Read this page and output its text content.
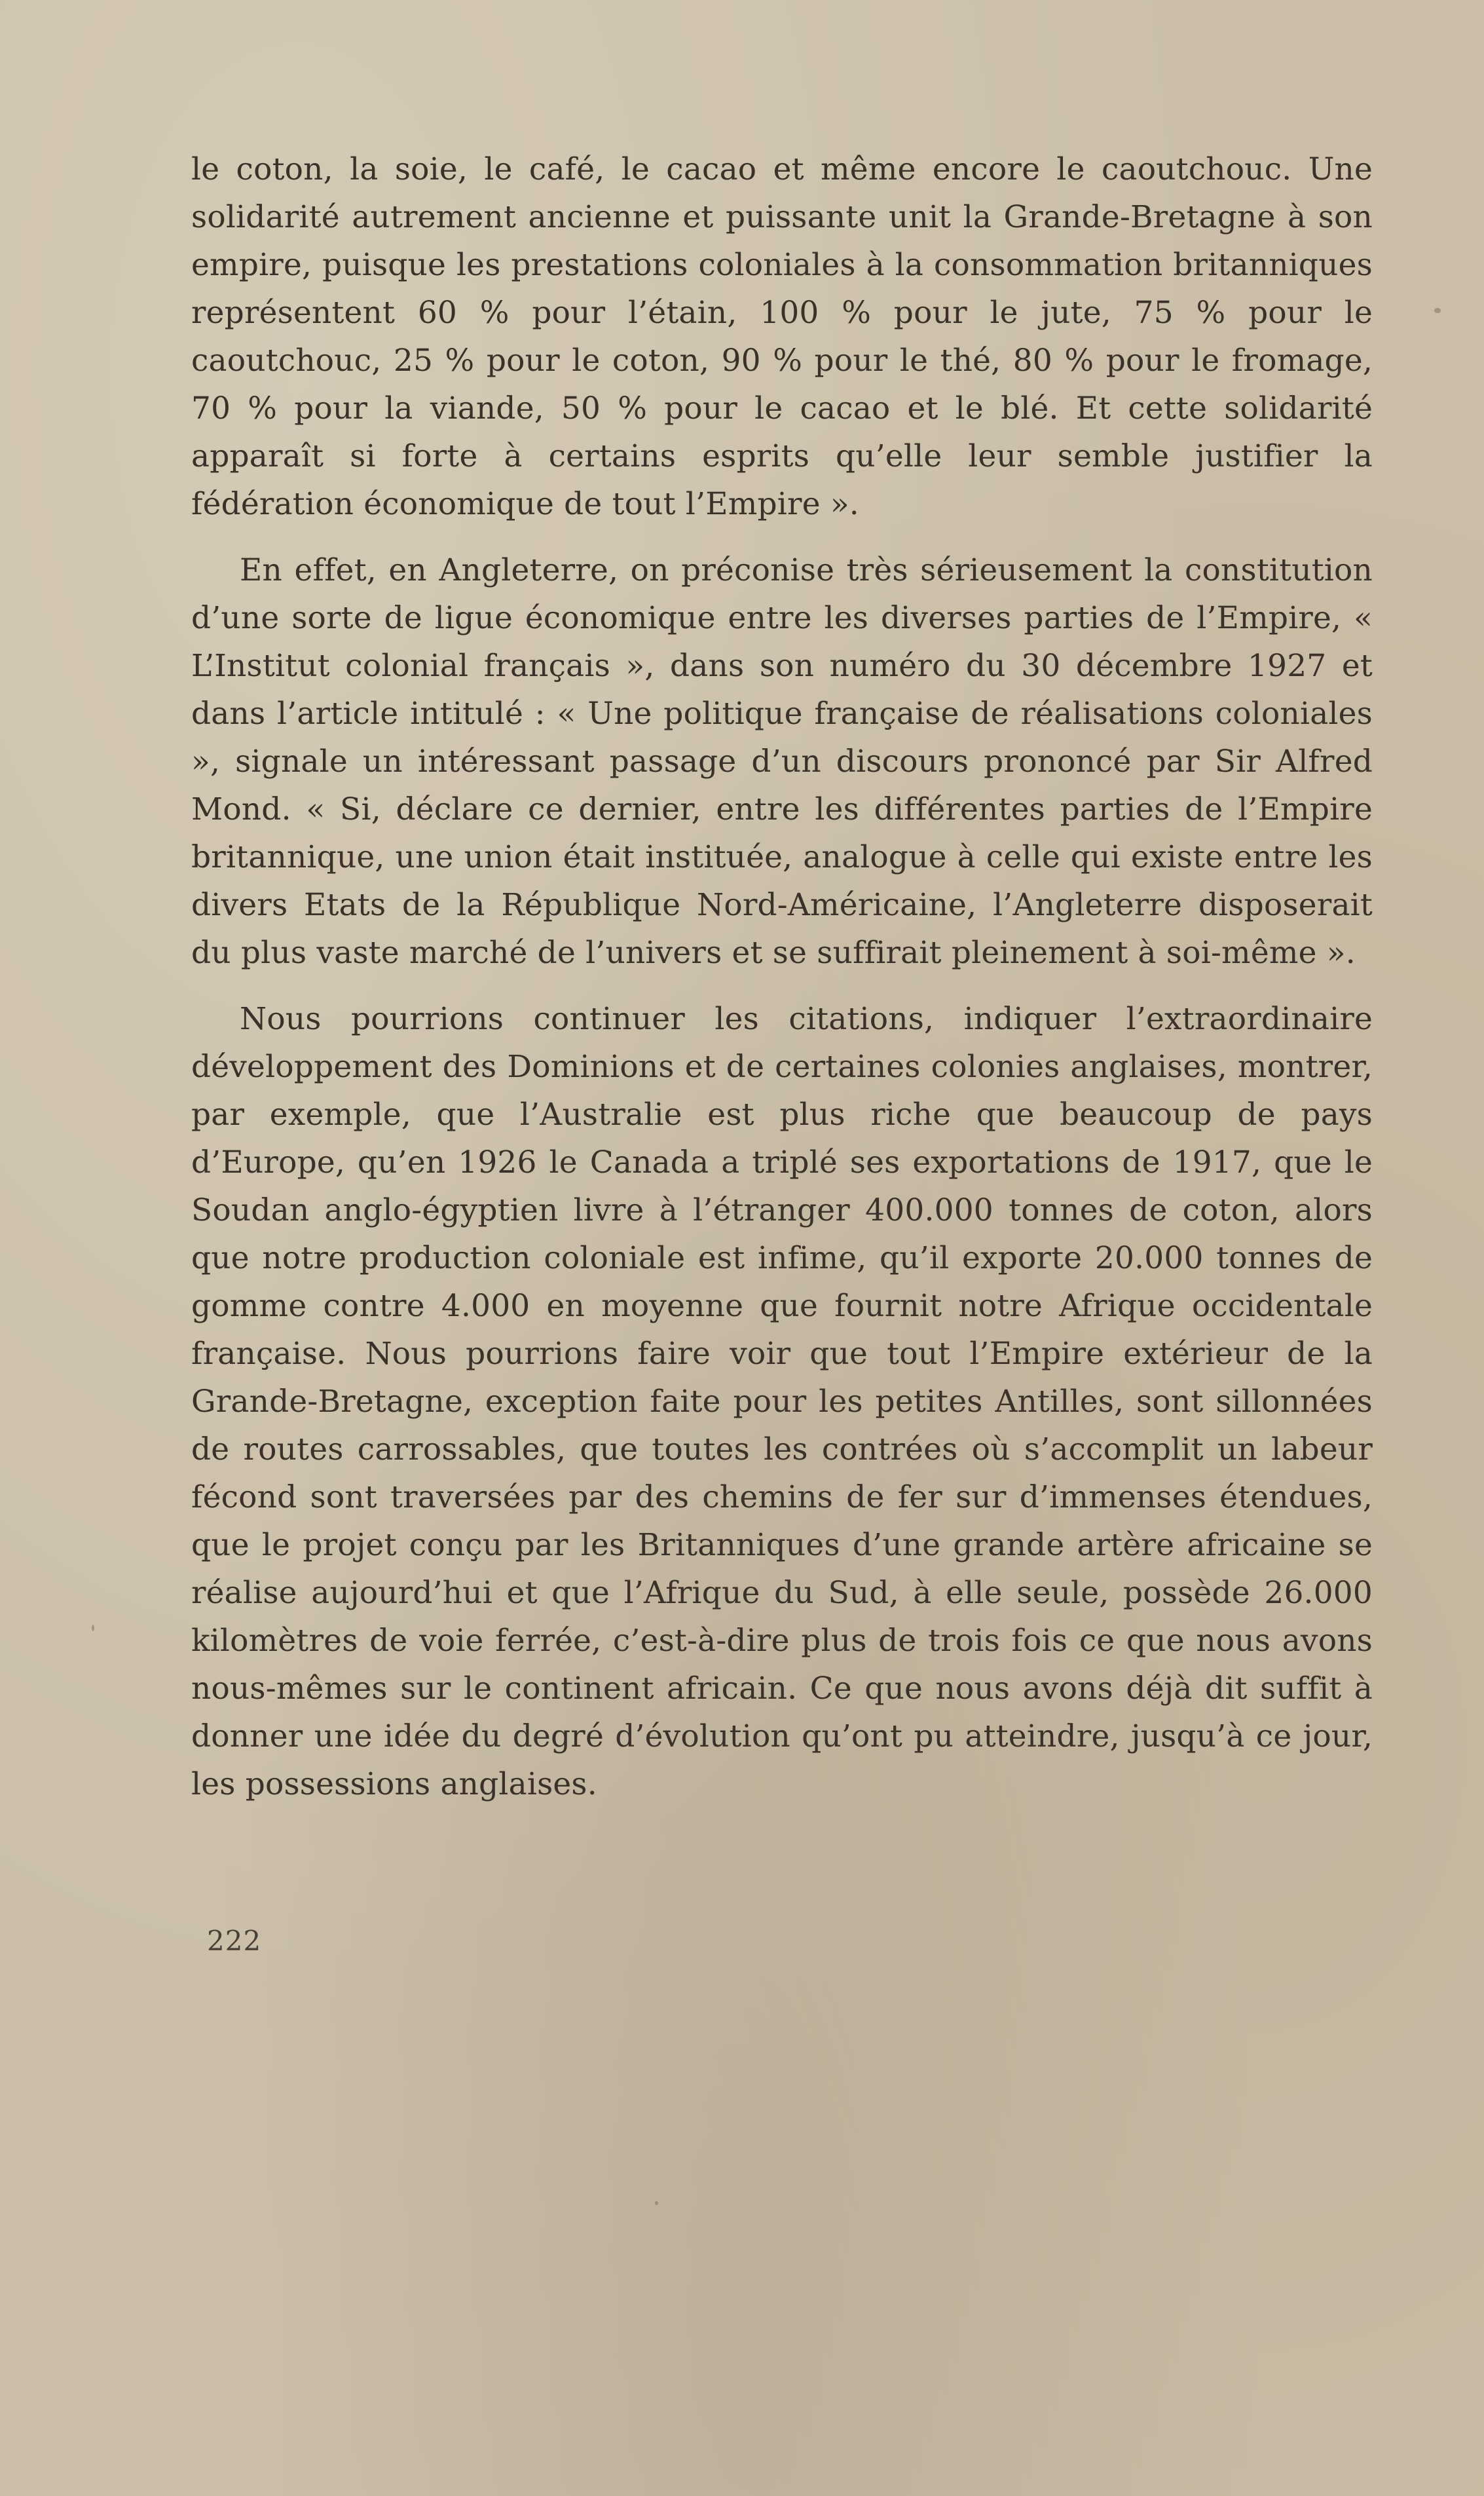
le coton, la soie, le café, le cacao et même encore le caoutchouc. Une solidarité autrement ancienne et puissante unit la Grande-Bretagne à son empire, puisque les prestations coloniales à la consommation britanniques représentent 60 % pour l’étain, 100 % pour le jute, 75 % pour le caoutchouc, 25 % pour le coton, 90 % pour le thé, 80 % pour le fromage, 70 % pour la viande, 50 % pour le cacao et le blé. Et cette solidarité apparaît si forte à certains esprits qu’elle leur semble justifier la fédération économique de tout l’Empire ».

En effet, en Angleterre, on préconise très sérieusement la constitution d’une sorte de ligue économique entre les diverses parties de l’Empire, « L’Institut colonial français », dans son numéro du 30 décembre 1927 et dans l’article intitulé : « Une politique française de réalisations coloniales », signale un intéressant passage d’un discours prononcé par Sir Alfred Mond. « Si, déclare ce dernier, entre les différentes parties de l’Empire britannique, une union était instituée, analogue à celle qui existe entre les divers Etats de la République Nord-Américaine, l’Angleterre disposerait du plus vaste marché de l’univers et se suffirait pleinement à soi-même ».

Nous pourrions continuer les citations, indiquer l’extraordinaire développement des Dominions et de certaines colonies anglaises, montrer, par exemple, que l’Australie est plus riche que beaucoup de pays d’Europe, qu’en 1926 le Canada a triplé ses exportations de 1917, que le Soudan anglo-égyptien livre à l’étranger 400.000 tonnes de coton, alors que notre production coloniale est infime, qu’il exporte 20.000 tonnes de gomme contre 4.000 en moyenne que fournit notre Afrique occidentale française. Nous pourrions faire voir que tout l’Empire extérieur de la Grande-Bretagne, exception faite pour les petites Antilles, sont sillonnées de routes carrossables, que toutes les contrées où s’accomplit un labeur fécond sont traversées par des chemins de fer sur d’immenses étendues, que le projet conçu par les Britanniques d’une grande artère africaine se réalise aujourd’hui et que l’Afrique du Sud, à elle seule, possède 26.000 kilomètres de voie ferrée, c’est-à-dire plus de trois fois ce que nous avons nous-mêmes sur le continent africain. Ce que nous avons déjà dit suffit à donner une idée du degré d’évolution qu’ont pu atteindre, jusqu’à ce jour, les possessions anglaises.

222
